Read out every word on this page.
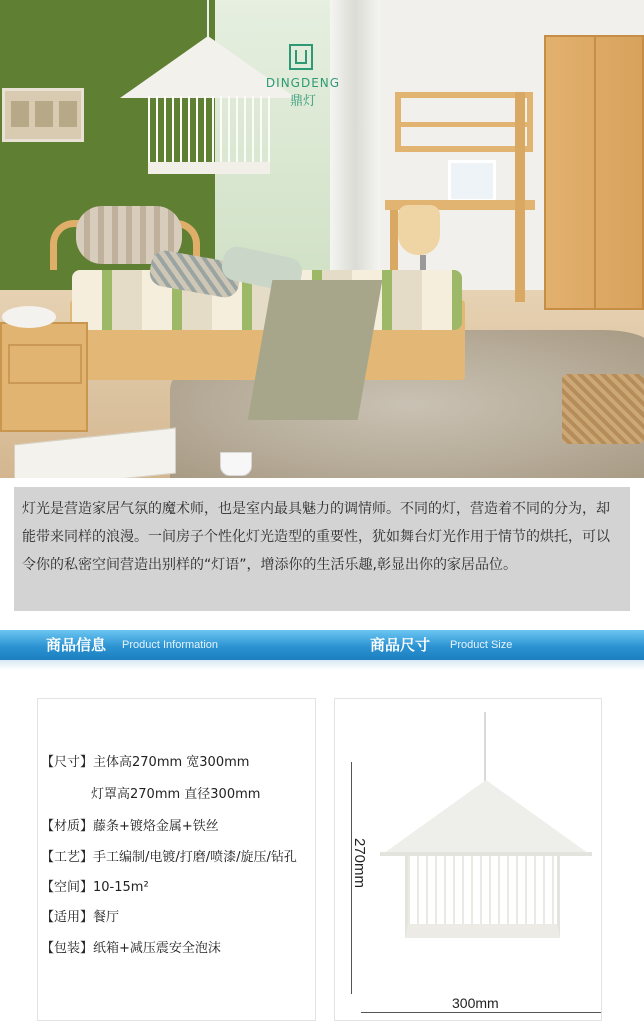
DINGDENG
鼎灯
灯光是营造家居气氛的魔术师，也是室内最具魅力的调情师。不同的灯，营造着不同的分为，却能带来同样的浪漫。一间房子个性化灯光造型的重要性，犹如舞台灯光作用于情节的烘托，可以令你的私密空间营造出别样的“灯语”，增添你的生活乐趣,彰显出你的家居品位。
商品信息 Product Information	商品尺寸 Product Size
【尺寸】主体高270mm 宽300mm
灯罩高270mm 直径300mm
【材质】藤条+镀烙金属+铁丝
【工艺】手工编制/电镀/打磨/喷漆/旋压/钻孔
【空间】10-15m²
【适用】餐厅
【包装】纸箱+减压震安全泡沫
270mm
300mm
